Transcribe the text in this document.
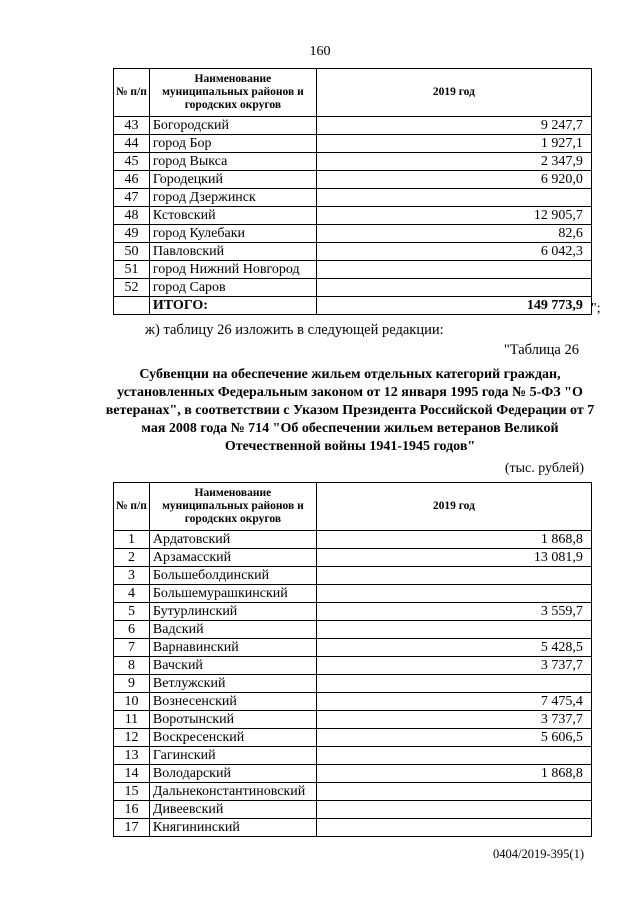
160
№ п/п	Наименование муниципальных районов и городских округов	2019 год
43	Богородский	9 247,7
44	город Бор	1 927,1
45	город Выкса	2 347,9
46	Городецкий	6 920,0
47	город Дзержинск	
48	Кстовский	12 905,7
49	город Кулебаки	82,6
50	Павловский	6 042,3
51	город Нижний Новгород	
52	город Саров	
	ИТОГО:	149 773,9 ";
ж) таблицу 26 изложить в следующей редакции:
"Таблица 26
Субвенции на обеспечение жильем отдельных категорий граждан, установленных Федеральным законом от 12 января 1995 года № 5-ФЗ "О ветеранах", в соответствии с Указом Президента Российской Федерации от 7 мая 2008 года № 714 "Об обеспечении жильем ветеранов Великой Отечественной войны 1941-1945 годов"
(тыс. рублей)
№ п/п	Наименование муниципальных районов и городских округов	2019 год
1	Ардатовский	1 868,8
2	Арзамасский	13 081,9
3	Большеболдинский	
4	Большемурашкинский	
5	Бутурлинский	3 559,7
6	Вадский	
7	Варнавинский	5 428,5
8	Вачский	3 737,7
9	Ветлужский	
10	Вознесенский	7 475,4
11	Воротынский	3 737,7
12	Воскресенский	5 606,5
13	Гагинский	
14	Володарский	1 868,8
15	Дальнеконстантиновский	
16	Дивеевский	
17	Княгининский	
0404/2019-395(1)
